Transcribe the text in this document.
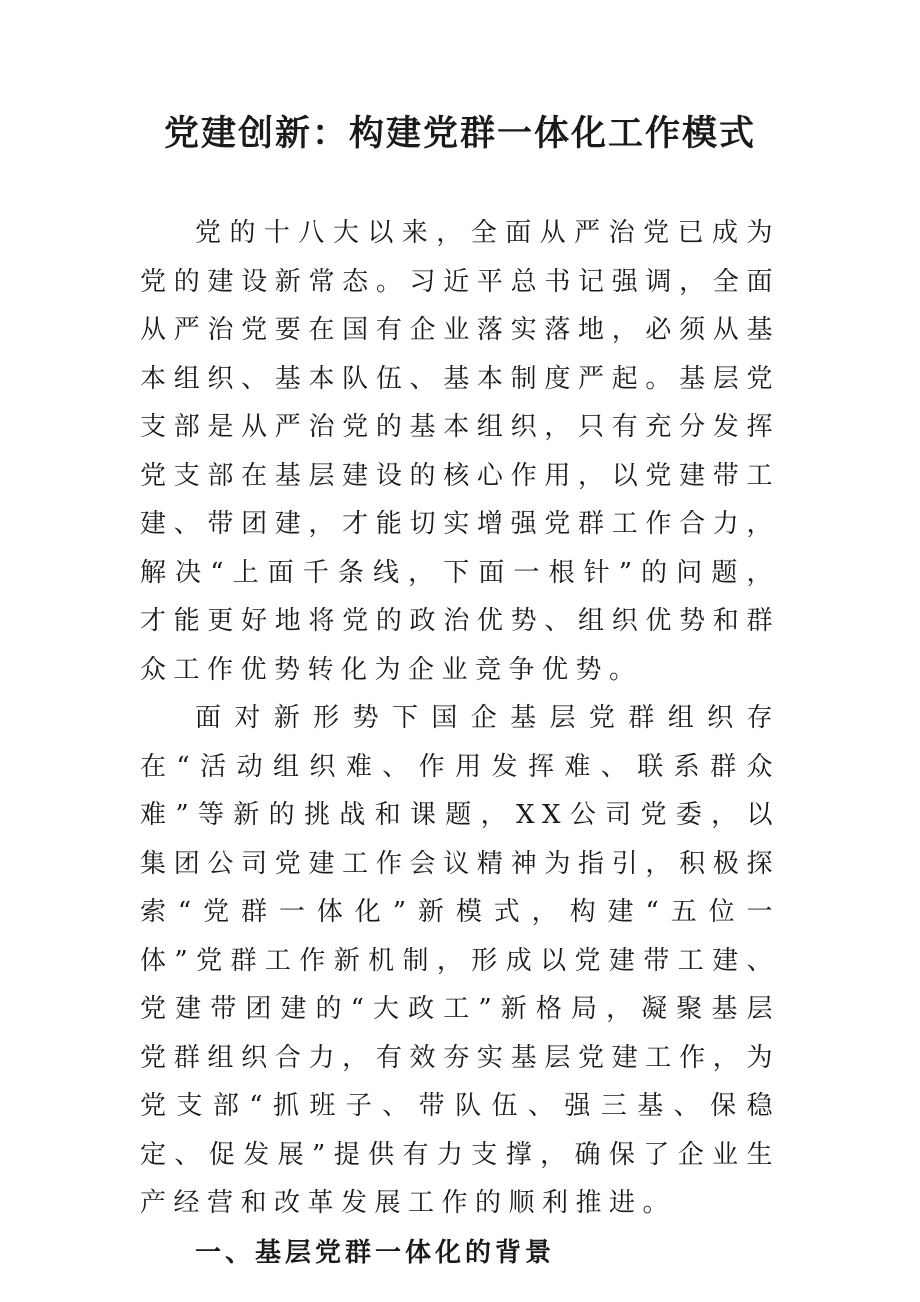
党建创新：构建党群一体化工作模式

党的十八大以来，全面从严治党已成为党的建设新常态。习近平总书记强调，全面从严治党要在国有企业落实落地，必须从基本组织、基本队伍、基本制度严起。基层党支部是从严治党的基本组织，只有充分发挥党支部在基层建设的核心作用，以党建带工建、带团建，才能切实增强党群工作合力，解决“上面千条线，下面一根针”的问题，才能更好地将党的政治优势、组织优势和群众工作优势转化为企业竞争优势。

面对新形势下国企基层党群组织存在“活动组织难、作用发挥难、联系群众难”等新的挑战和课题，XX公司党委，以集团公司党建工作会议精神为指引，积极探索“党群一体化”新模式，构建“五位一体”党群工作新机制，形成以党建带工建、党建带团建的“大政工”新格局，凝聚基层党群组织合力，有效夯实基层党建工作，为党支部“抓班子、带队伍、强三基、保稳定、促发展”提供有力支撑，确保了企业生产经营和改革发展工作的顺利推进。

一、基层党群一体化的背景
